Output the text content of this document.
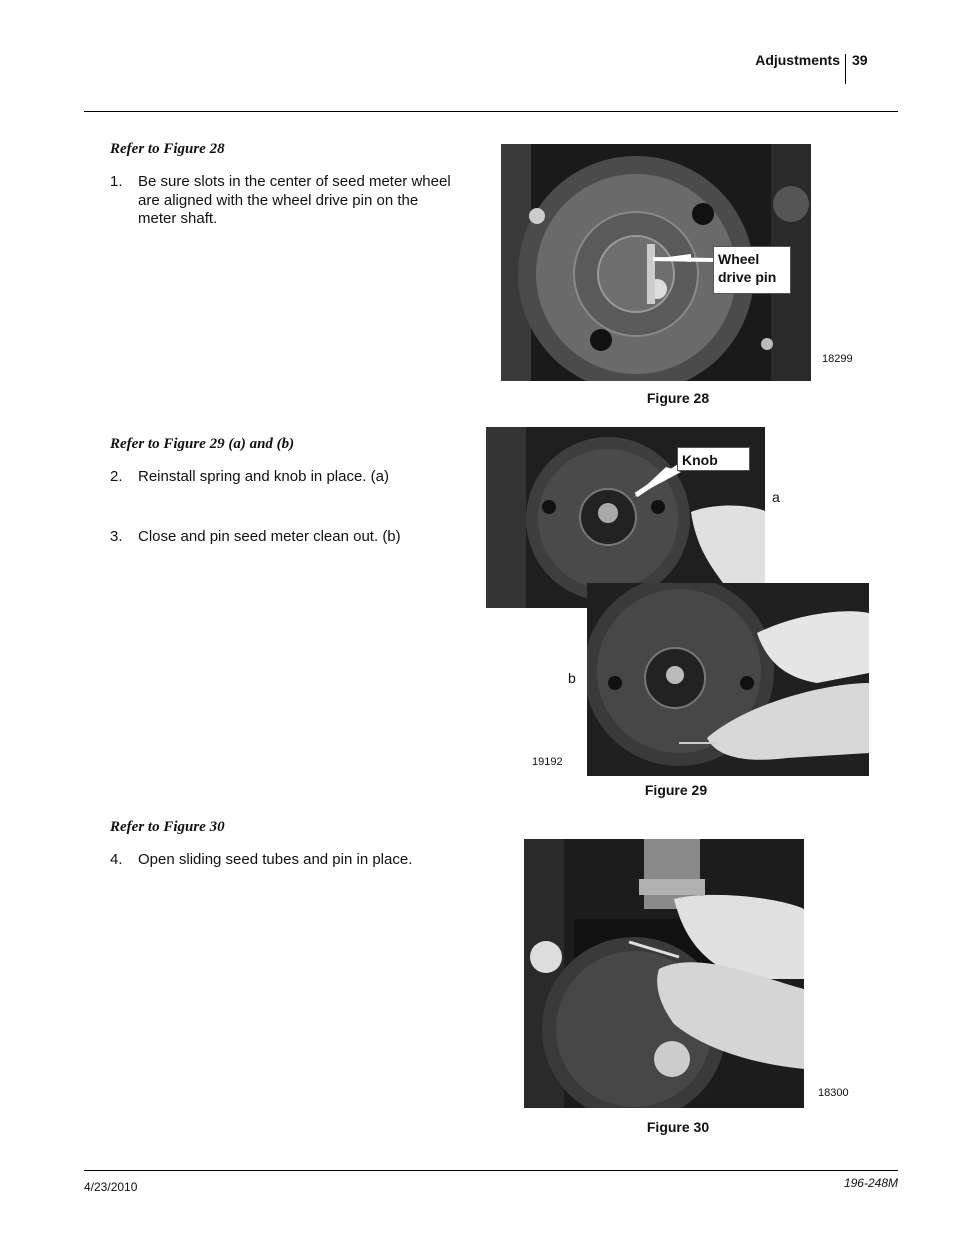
Adjustments 39
Refer to Figure 28
1. Be sure slots in the center of seed meter wheel are aligned with the wheel drive pin on the meter shaft.
Wheel drive pin
18299
Figure 28
Refer to Figure 29 (a) and (b)
2. Reinstall spring and knob in place. (a)
3. Close and pin seed meter clean out. (b)
Knob
a
b
19192
Figure 29
Refer to Figure 30
4. Open sliding seed tubes and pin in place.
18300
Figure 30
4/23/2010	196-248M
